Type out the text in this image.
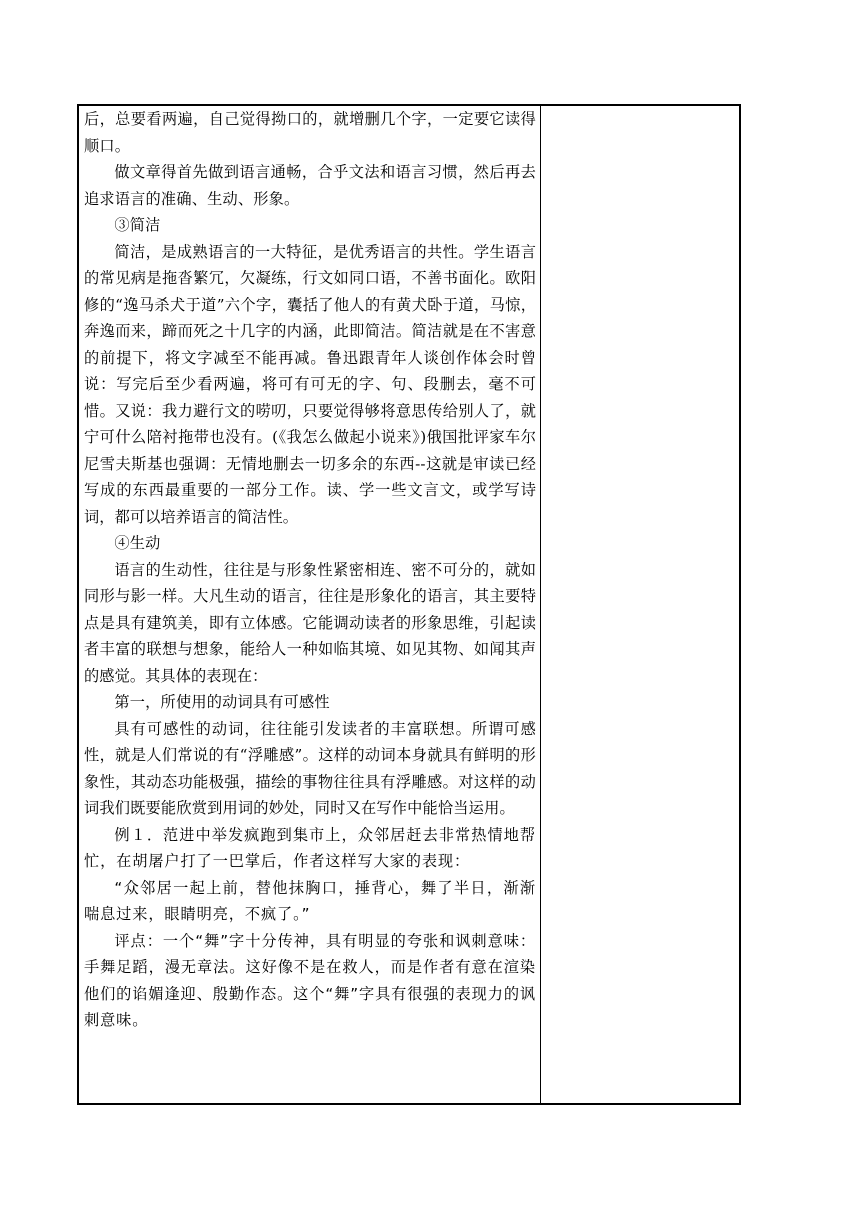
后，总要看两遍，自己觉得拗口的，就增删几个字，一定要它读得顺口。

做文章得首先做到语言通畅，合乎文法和语言习惯，然后再去追求语言的准确、生动、形象。

③简洁

简洁，是成熟语言的一大特征，是优秀语言的共性。学生语言的常见病是拖沓繁冗，欠凝练，行文如同口语，不善书面化。欧阳修的“逸马杀犬于道”六个字，囊括了他人的有黄犬卧于道，马惊，奔逸而来，蹄而死之十几字的内涵，此即简洁。简洁就是在不害意的前提下，将文字减至不能再减。鲁迅跟青年人谈创作体会时曾说：写完后至少看两遍，将可有可无的字、句、段删去，毫不可惜。又说：我力避行文的唠叨，只要觉得够将意思传给别人了，就宁可什么陪衬拖带也没有。(《我怎么做起小说来》)俄国批评家车尔尼雪夫斯基也强调：无情地删去一切多余的东西--这就是审读已经写成的东西最重要的一部分工作。读、学一些文言文，或学写诗词，都可以培养语言的简洁性。

④生动

语言的生动性，往往是与形象性紧密相连、密不可分的，就如同形与影一样。大凡生动的语言，往往是形象化的语言，其主要特点是具有建筑美，即有立体感。它能调动读者的形象思维，引起读者丰富的联想与想象，能给人一种如临其境、如见其物、如闻其声的感觉。其具体的表现在：

第一，所使用的动词具有可感性

具有可感性的动词，往往能引发读者的丰富联想。所谓可感性，就是人们常说的有“浮雕感”。这样的动词本身就具有鲜明的形象性，其动态功能极强，描绘的事物往往具有浮雕感。对这样的动词我们既要能欣赏到用词的妙处，同时又在写作中能恰当运用。

例１．范进中举发疯跑到集市上，众邻居赶去非常热情地帮忙，在胡屠户打了一巴掌后，作者这样写大家的表现：

“众邻居一起上前，替他抹胸口，捶背心，舞了半日，渐渐喘息过来，眼睛明亮，不疯了。”

评点：一个“舞”字十分传神，具有明显的夸张和讽刺意味：手舞足蹈，漫无章法。这好像不是在救人，而是作者有意在渲染他们的谄媚逢迎、殷勤作态。这个“舞”字具有很强的表现力的讽刺意味。
